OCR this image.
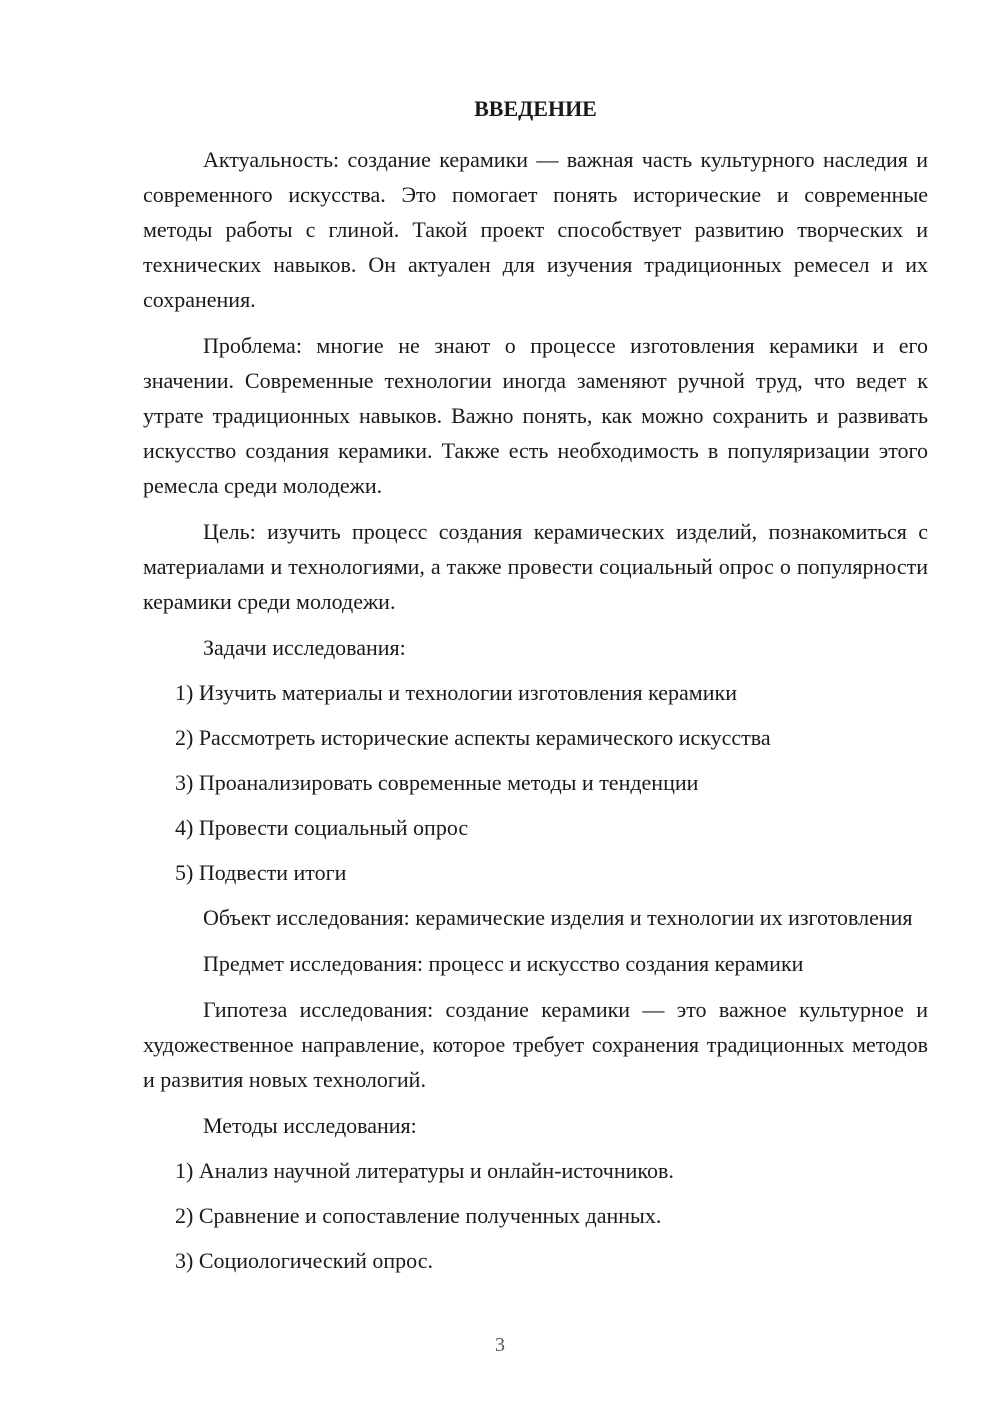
ВВЕДЕНИЕ

Актуальность: создание керамики — важная часть культурного наследия и современного искусства. Это помогает понять исторические и современные методы работы с глиной. Такой проект способствует развитию творческих и технических навыков. Он актуален для изучения традиционных ремесел и их сохранения.

Проблема: многие не знают о процессе изготовления керамики и его значении. Современные технологии иногда заменяют ручной труд, что ведет к утрате традиционных навыков. Важно понять, как можно сохранить и развивать искусство создания керамики. Также есть необходимость в популяризации этого ремесла среди молодежи.

Цель: изучить процесс создания керамических изделий, познакомиться с материалами и технологиями, а также провести социальный опрос о популярности керамики среди молодежи.

Задачи исследования:
1) Изучить материалы и технологии изготовления керамики
2) Рассмотреть исторические аспекты керамического искусства
3) Проанализировать современные методы и тенденции
4) Провести социальный опрос
5) Подвести итоги

Объект исследования: керамические изделия и технологии их изготовления

Предмет исследования: процесс и искусство создания керамики

Гипотеза исследования: создание керамики — это важное культурное и художественное направление, которое требует сохранения традиционных методов и развития новых технологий.

Методы исследования:
1) Анализ научной литературы и онлайн-источников.
2) Сравнение и сопоставление полученных данных.
3) Социологический опрос.
3
